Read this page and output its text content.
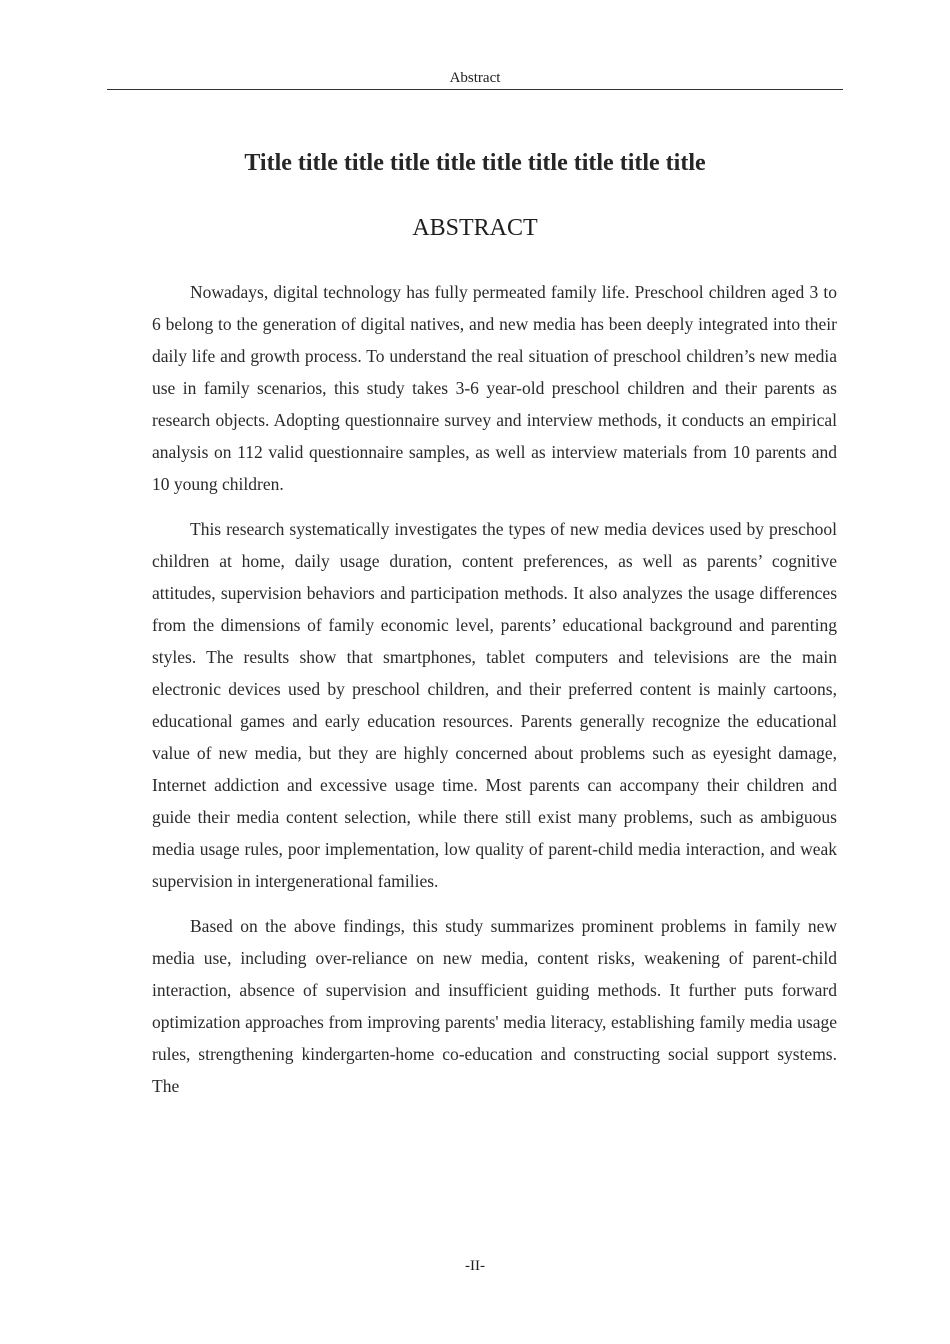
Abstract
Title title title title title title title title title title
ABSTRACT

Nowadays, digital technology has fully permeated family life. Preschool children aged 3 to 6 belong to the generation of digital natives, and new media has been deeply integrated into their daily life and growth process. To understand the real situation of preschool children’s new media use in family scenarios, this study takes 3-6 year-old preschool children and their parents as research objects. Adopting questionnaire survey and interview methods, it conducts an empirical analysis on 112 valid questionnaire samples, as well as interview materials from 10 parents and 10 young children.

This research systematically investigates the types of new media devices used by preschool children at home, daily usage duration, content preferences, as well as parents’ cognitive attitudes, supervision behaviors and participation methods. It also analyzes the usage differences from the dimensions of family economic level, parents’ educational background and parenting styles. The results show that smartphones, tablet computers and televisions are the main electronic devices used by preschool children, and their preferred content is mainly cartoons, educational games and early education resources. Parents generally recognize the educational value of new media, but they are highly concerned about problems such as eyesight damage, Internet addiction and excessive usage time. Most parents can accompany their children and guide their media content selection, while there still exist many problems, such as ambiguous media usage rules, poor implementation, low quality of parent-child media interaction, and weak supervision in intergenerational families.

Based on the above findings, this study summarizes prominent problems in family new media use, including over-reliance on new media, content risks, weakening of parent-child interaction, absence of supervision and insufficient guiding methods. It further puts forward optimization approaches from improving parents' media literacy, establishing family media usage rules, strengthening kindergarten-home co-education and constructing social support systems. The

-II-
